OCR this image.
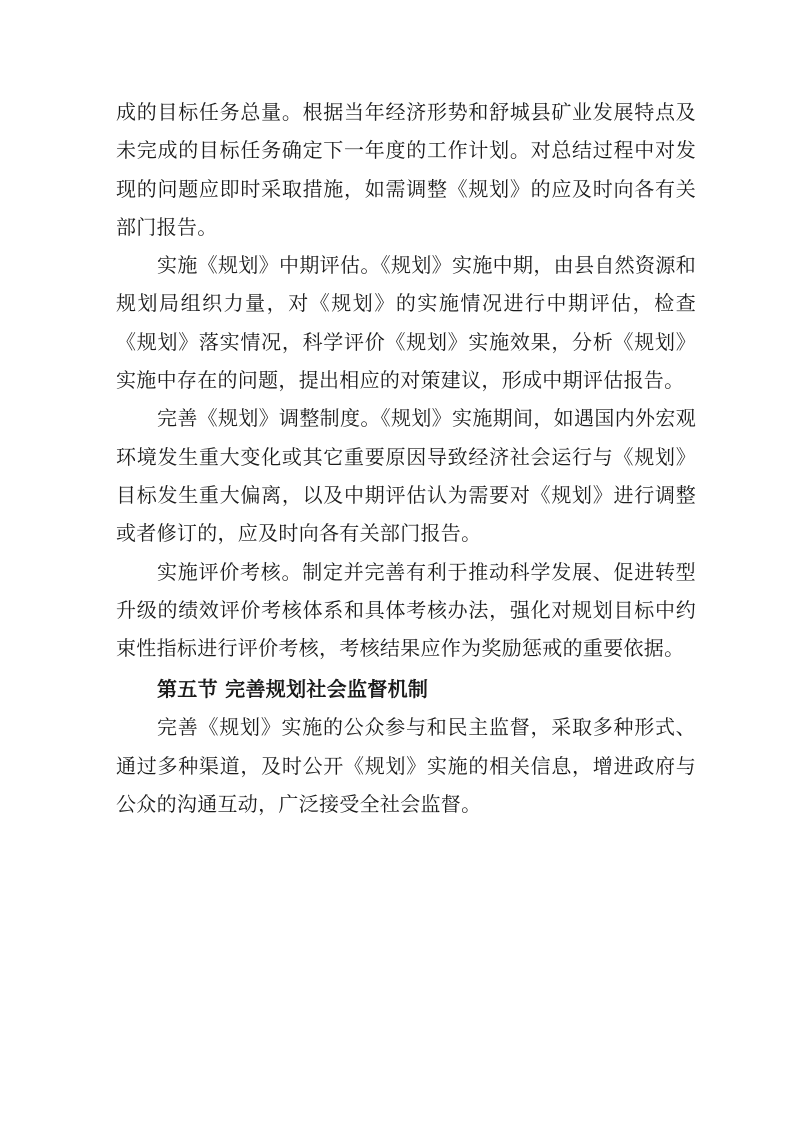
成的目标任务总量。根据当年经济形势和舒城县矿业发展特点及未完成的目标任务确定下一年度的工作计划。对总结过程中对发现的问题应即时采取措施，如需调整《规划》的应及时向各有关部门报告。

实施《规划》中期评估。《规划》实施中期，由县自然资源和规划局组织力量，对《规划》的实施情况进行中期评估，检查《规划》落实情况，科学评价《规划》实施效果，分析《规划》实施中存在的问题，提出相应的对策建议，形成中期评估报告。

完善《规划》调整制度。《规划》实施期间，如遇国内外宏观环境发生重大变化或其它重要原因导致经济社会运行与《规划》目标发生重大偏离，以及中期评估认为需要对《规划》进行调整或者修订的，应及时向各有关部门报告。

实施评价考核。制定并完善有利于推动科学发展、促进转型升级的绩效评价考核体系和具体考核办法，强化对规划目标中约束性指标进行评价考核，考核结果应作为奖励惩戒的重要依据。

第五节 完善规划社会监督机制

完善《规划》实施的公众参与和民主监督，采取多种形式、通过多种渠道，及时公开《规划》实施的相关信息，增进政府与公众的沟通互动，广泛接受全社会监督。
